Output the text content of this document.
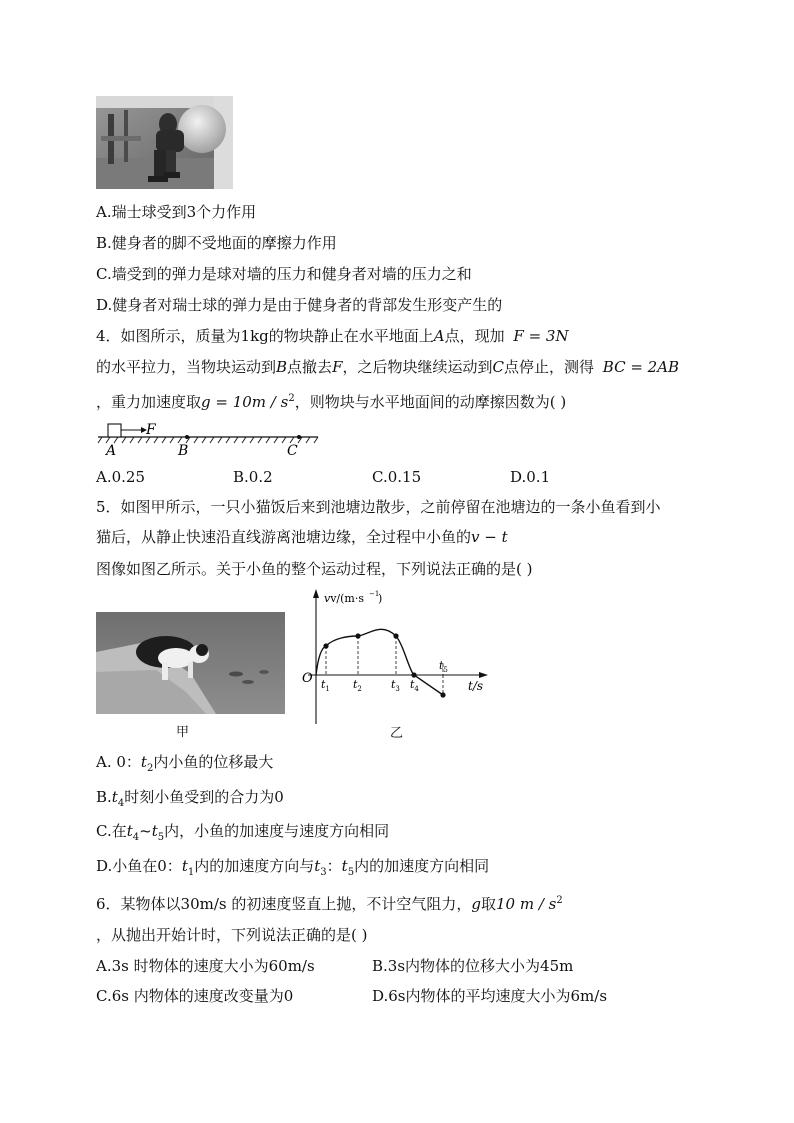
A.瑞士球受到3个力作用
B.健身者的脚不受地面的摩擦力作用
C.墙受到的弹力是球对墙的压力和健身者对墙的压力之和
D.健身者对瑞士球的弹力是由于健身者的背部发生形变产生的
4．如图所示，质量为1kg的物块静止在水平地面上A点，现加 F = 3N
的水平拉力，当物块运动到B点撤去F，之后物块继续运动到C点停止，测得 BC = 2AB
，重力加速度取$g = 10m / s^2$，则物块与水平地面间的动摩擦因数为( )
F
A	B	C
A.0.25	B.0.2	C.0.15	D.0.1
5．如图甲所示，一只小猫饭后来到池塘边散步，之前停留在池塘边的一条小鱼看到小
猫后，从静止快速沿直线游离池塘边缘，全过程中小鱼的v − t
图像如图乙所示。关于小鱼的整个运动过程，下列说法正确的是( )
vv/(m·s −1
)
t/s
O $t_1$ $t_2$	$t_3$ $t_4$
$t_5$
甲	乙
A. 0：$t_2$内小鱼的位移最大
$B.t_4$时刻小鱼受到的合力为0
C.在$t_4\sim t_5$内，小鱼的加速度与速度方向相同
D.小鱼在0：$t_1$内的加速度方向与$t_3$：$t_5$内的加速度方向相同
6．某物体以30m/s 的初速度竖直上抛，不计空气阻力，g取10 m / $s^2$
，从抛出开始计时，下列说法正确的是( )
A.3s 时物体的速度大小为60m/s	B.3s内物体的位移大小为45m
C.6s 内物体的速度改变量为0	D.6s内物体的平均速度大小为6m/s
